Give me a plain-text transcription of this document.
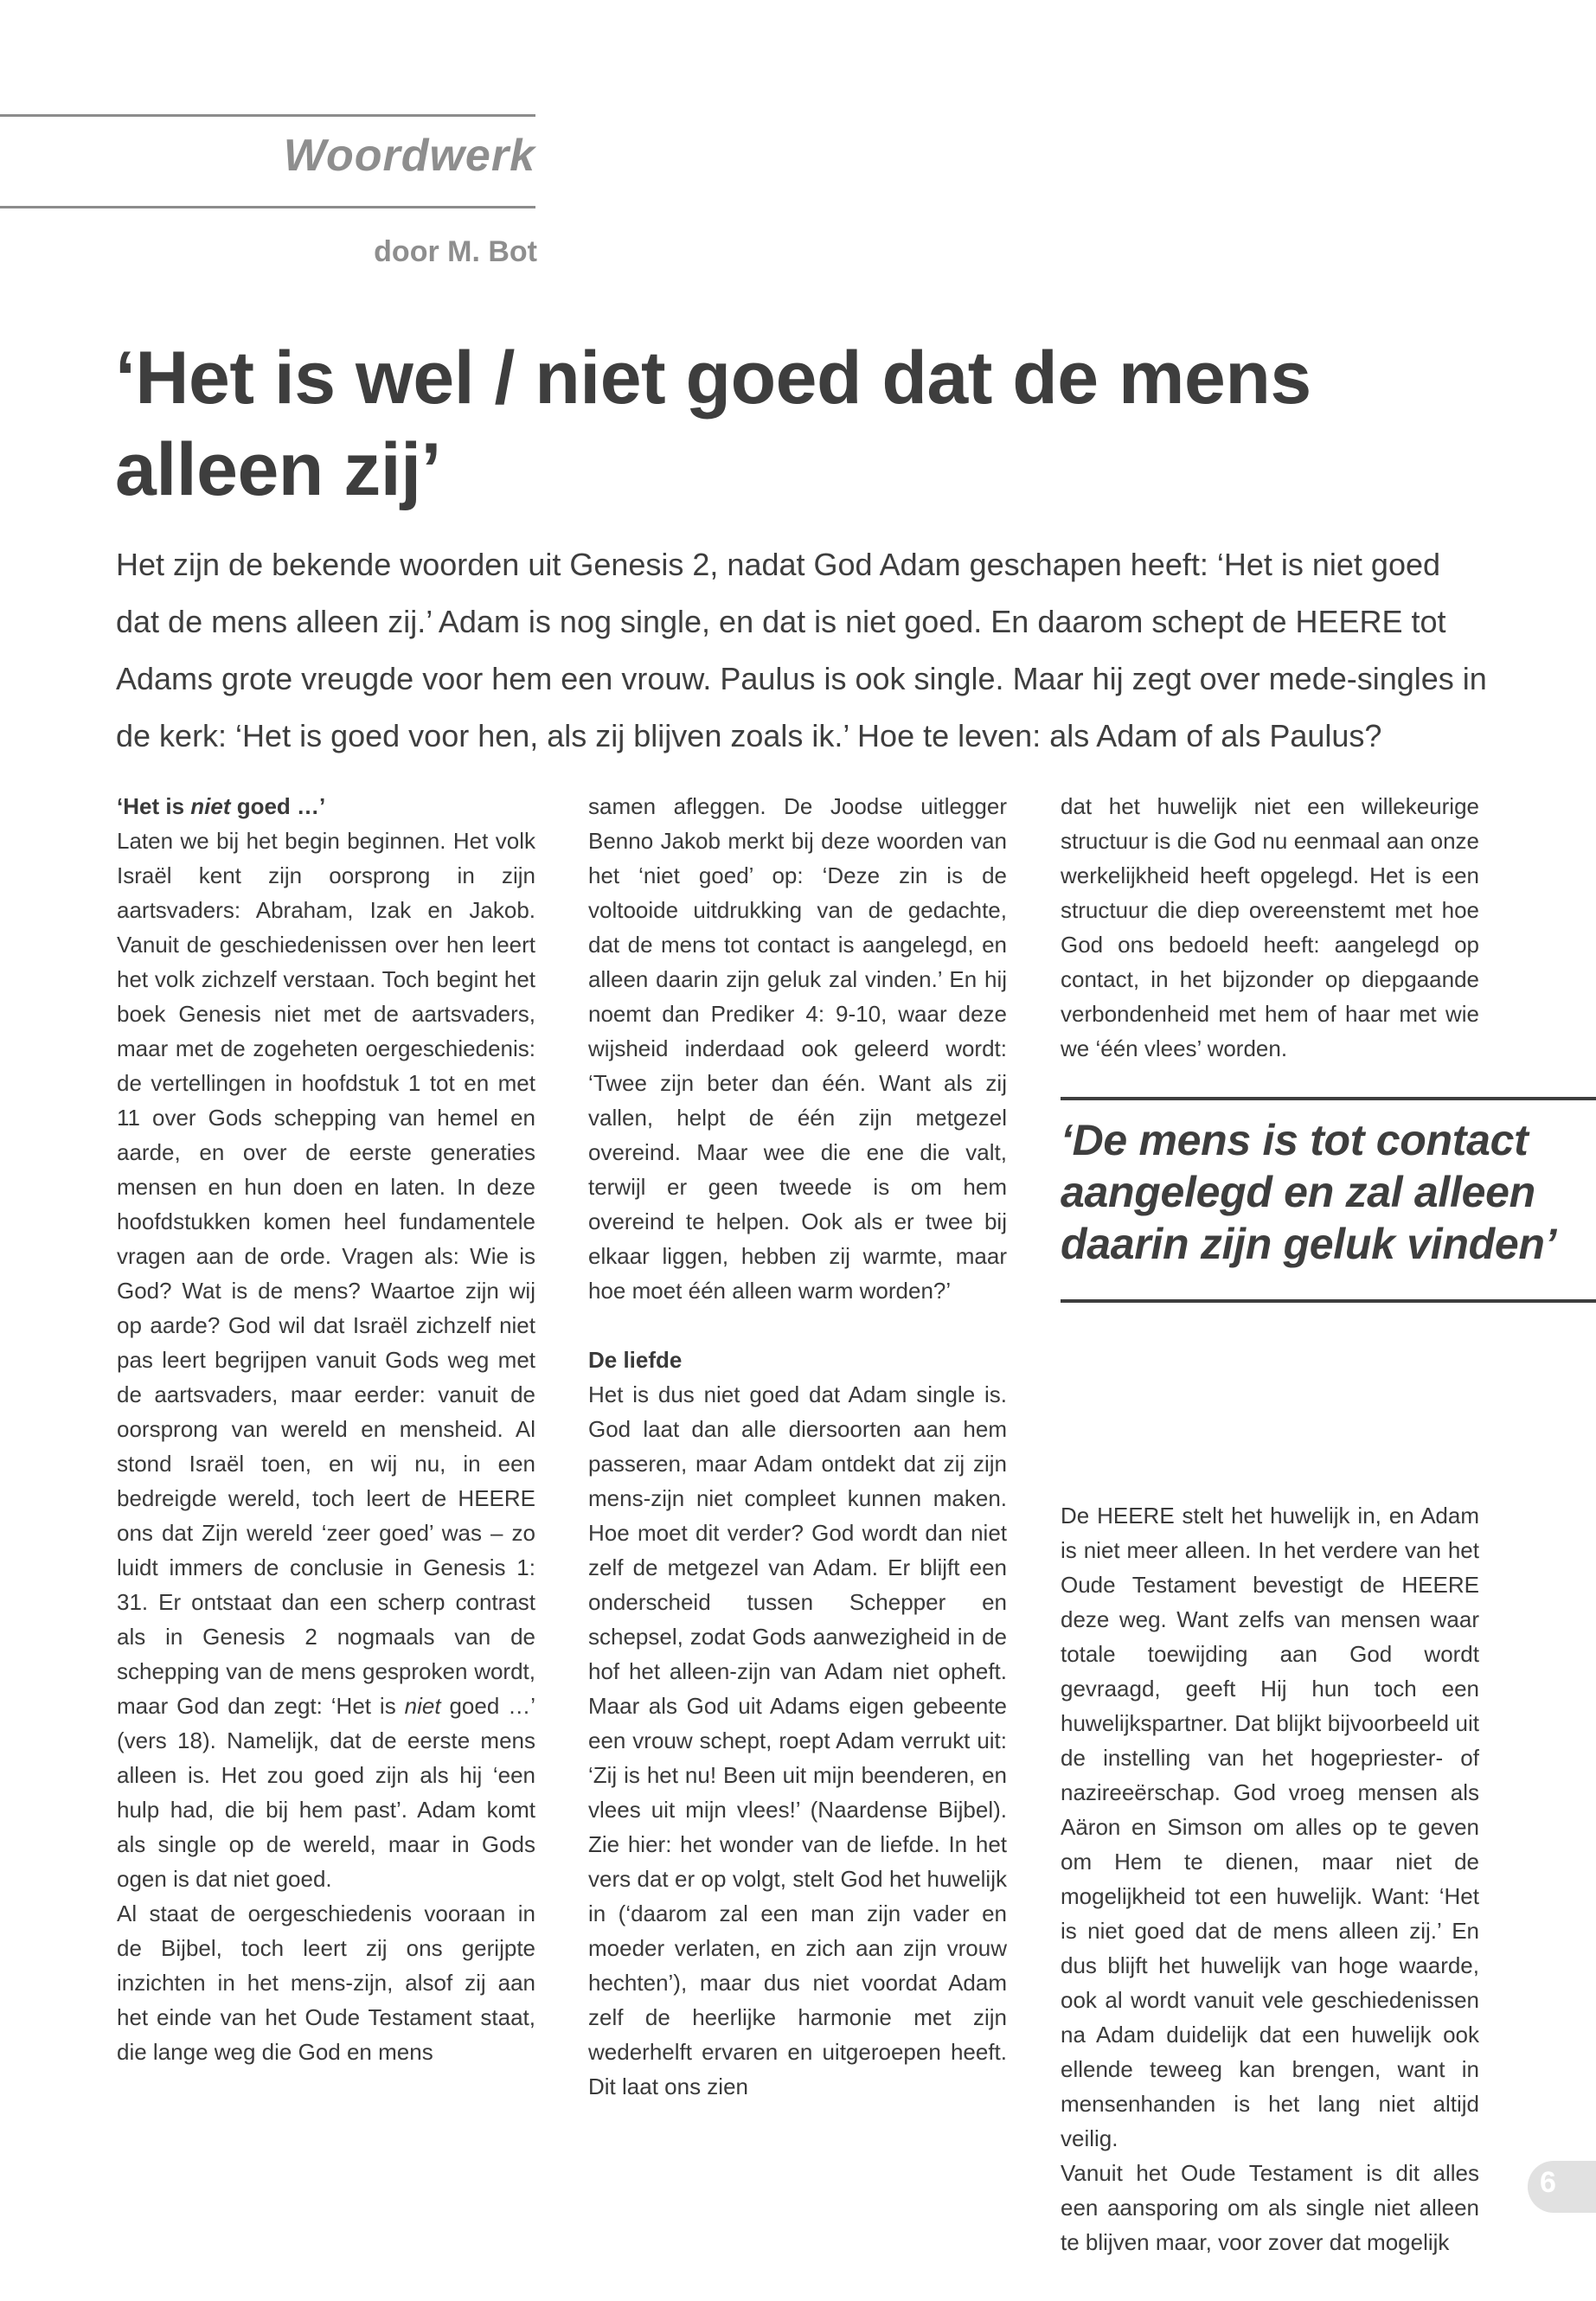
Woordwerk
door M. Bot
‘Het is wel / niet goed dat de mens alleen zij’

Het zijn de bekende woorden uit Genesis 2, nadat God Adam geschapen heeft: ‘Het is niet goed dat de mens alleen zij.’ Adam is nog single, en dat is niet goed. En daarom schept de HEERE tot Adams grote vreugde voor hem een vrouw. Paulus is ook single. Maar hij zegt over mede-singles in de kerk: ‘Het is goed voor hen, als zij blijven zoals ik.’ Hoe te leven: als Adam of als Paulus?

‘Het is niet goed …’

Laten we bij het begin beginnen. Het volk Israël kent zijn oorsprong in zijn aartsvaders: Abraham, Izak en Jakob. Vanuit de geschiedenissen over hen leert het volk zichzelf verstaan. Toch begint het boek Genesis niet met de aartsvaders, maar met de zogeheten oergeschiedenis: de vertellingen in hoofdstuk 1 tot en met 11 over Gods schepping van hemel en aarde, en over de eerste generaties mensen en hun doen en laten. In deze hoofdstukken komen heel fundamentele vragen aan de orde. Vragen als: Wie is God? Wat is de mens? Waartoe zijn wij op aarde? God wil dat Israël zichzelf niet pas leert begrijpen vanuit Gods weg met de aartsvaders, maar eerder: vanuit de oorsprong van wereld en mensheid. Al stond Israël toen, en wij nu, in een bedreigde wereld, toch leert de HEERE ons dat Zijn wereld ‘zeer goed’ was – zo luidt immers de conclusie in Genesis 1: 31. Er ontstaat dan een scherp contrast als in Genesis 2 nogmaals van de schepping van de mens gesproken wordt, maar God dan zegt: ‘Het is niet goed …’ (vers 18). Namelijk, dat de eerste mens alleen is. Het zou goed zijn als hij ‘een hulp had, die bij hem past’. Adam komt als single op de wereld, maar in Gods ogen is dat niet goed.

Al staat de oergeschiedenis vooraan in de Bijbel, toch leert zij ons gerijpte inzichten in het mens-zijn, alsof zij aan het einde van het Oude Testament staat, die lange weg die God en mens

samen afleggen. De Joodse uitlegger Benno Jakob merkt bij deze woorden van het ‘niet goed’ op: ‘Deze zin is de voltooide uitdrukking van de gedachte, dat de mens tot contact is aangelegd, en alleen daarin zijn geluk zal vinden.’ En hij noemt dan Prediker 4: 9-10, waar deze wijsheid inderdaad ook geleerd wordt: ‘Twee zijn beter dan één. Want als zij vallen, helpt de één zijn metgezel overeind. Maar wee die ene die valt, terwijl er geen tweede is om hem overeind te helpen. Ook als er twee bij elkaar liggen, hebben zij warmte, maar hoe moet één alleen warm worden?’

De liefde

Het is dus niet goed dat Adam single is. God laat dan alle diersoorten aan hem passeren, maar Adam ontdekt dat zij zijn mens-zijn niet compleet kunnen maken. Hoe moet dit verder? God wordt dan niet zelf de metgezel van Adam. Er blijft een onderscheid tussen Schepper en schepsel, zodat Gods aanwezigheid in de hof het alleen-zijn van Adam niet opheft. Maar als God uit Adams eigen gebeente een vrouw schept, roept Adam verrukt uit: ‘Zij is het nu! Been uit mijn beenderen, en vlees uit mijn vlees!’ (Naardense Bijbel). Zie hier: het wonder van de liefde. In het vers dat er op volgt, stelt God het huwelijk in (‘daarom zal een man zijn vader en moeder verlaten, en zich aan zijn vrouw hechten’), maar dus niet voordat Adam zelf de heerlijke harmonie met zijn wederhelft ervaren en uitgeroepen heeft. Dit laat ons zien

dat het huwelijk niet een willekeurige structuur is die God nu eenmaal aan onze werkelijkheid heeft opgelegd. Het is een structuur die diep overeenstemt met hoe God ons bedoeld heeft: aangelegd op contact, in het bijzonder op diepgaande verbondenheid met hem of haar met wie we ‘één vlees’ worden.

De HEERE stelt het huwelijk in, en Adam is niet meer alleen. In het verdere van het Oude Testament bevestigt de HEERE deze weg. Want zelfs van mensen waar totale toewijding aan God wordt gevraagd, geeft Hij hun toch een huwelijkspartner. Dat blijkt bijvoorbeeld uit de instelling van het hogepriester- of nazireeërschap. God vroeg mensen als Aäron en Simson om alles op te geven om Hem te dienen, maar niet de mogelijkheid tot een huwelijk. Want: ‘Het is niet goed dat de mens alleen zij.’ En dus blijft het huwelijk van hoge waarde, ook al wordt vanuit vele geschiedenissen na Adam duidelijk dat een huwelijk ook ellende teweeg kan brengen, want in mensenhanden is het lang niet altijd veilig.

Vanuit het Oude Testament is dit alles een aansporing om als single niet alleen te blijven maar, voor zover dat mogelijk

‘De mens is tot contact aangelegd en zal alleen daarin zijn geluk vinden’

6
